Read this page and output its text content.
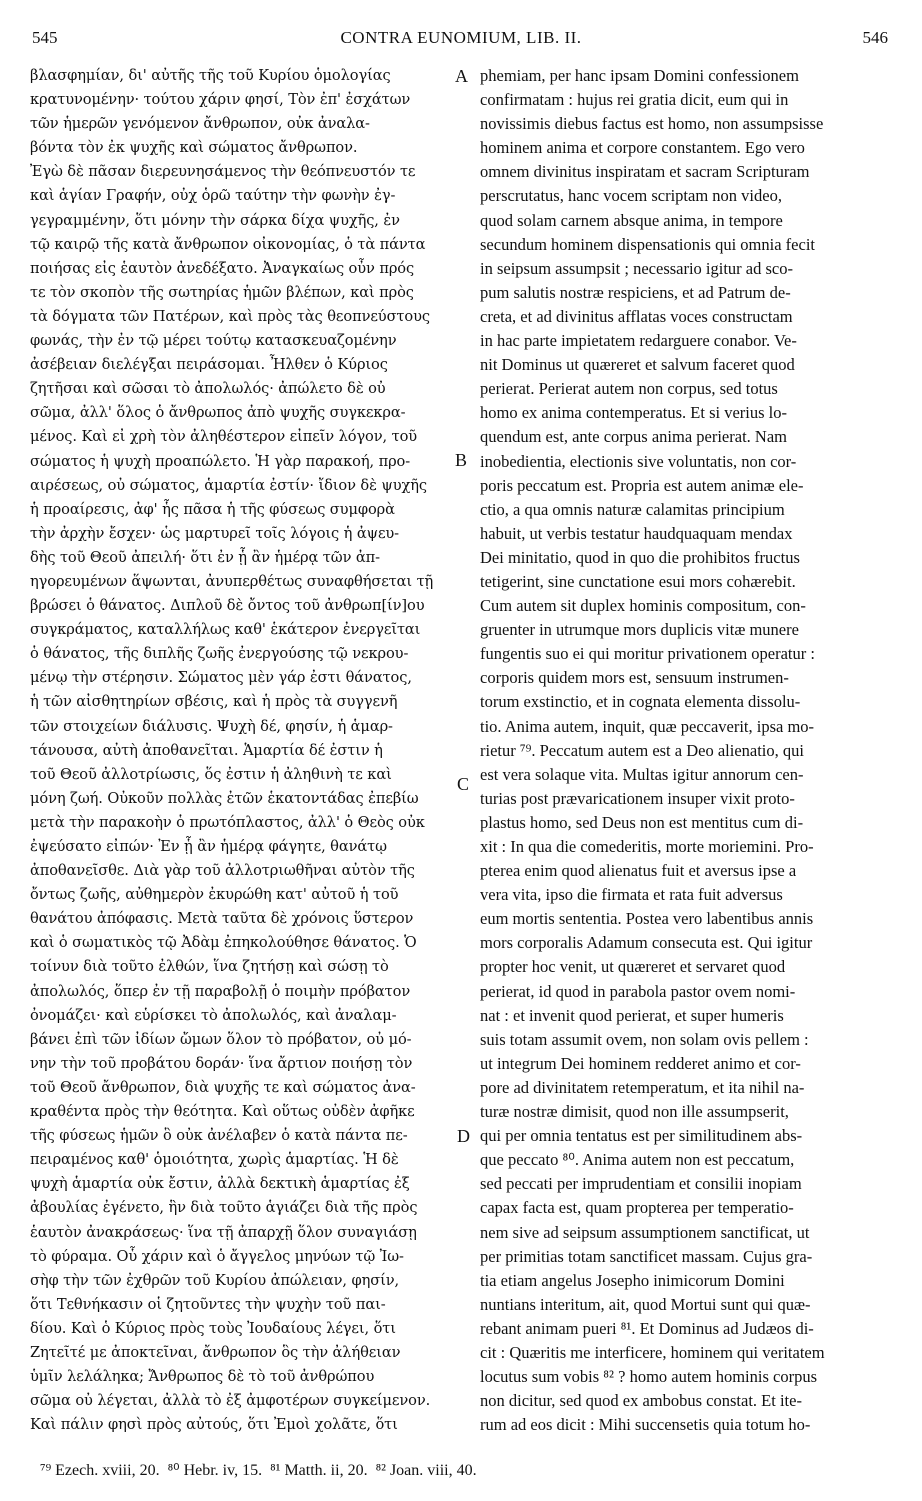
545	CONTRA EUNOMIUM, LIB. II.	546
βλασφημίαν, δι' αὐτῆς τῆς τοῦ Κυρίου ὁμολογίας
κρατυνομένην· τούτου χάριν φησί, Τὸν ἐπ' ἐσχάτων
τῶν ἡμερῶν γενόμενον ἄνθρωπον, οὐκ ἀναλα-
βόντα τὸν ἐκ ψυχῆς καὶ σώματος ἄνθρωπον.
Ἐγὼ δὲ πᾶσαν διερευνησάμενος τὴν θεόπνευστόν τε
καὶ ἁγίαν Γραφήν, οὐχ ὁρῶ ταύτην τὴν φωνὴν ἐγ-
γεγραμμένην, ὅτι μόνην τὴν σάρκα δίχα ψυχῆς, ἐν
τῷ καιρῷ τῆς κατὰ ἄνθρωπον οἰκονομίας, ὁ τὰ πάντα
ποιήσας εἰς ἑαυτὸν ἀνεδέξατο. Ἀναγκαίως οὖν πρός
τε τὸν σκοπὸν τῆς σωτηρίας ἡμῶν βλέπων, καὶ πρὸς
τὰ δόγματα τῶν Πατέρων, καὶ πρὸς τὰς θεοπνεύστους
φωνάς, τὴν ἐν τῷ μέρει τούτῳ κατασκευαζομένην
ἀσέβειαν διελέγξαι πειράσομαι. Ἦλθεν ὁ Κύριος
ζητῆσαι καὶ σῶσαι τὸ ἀπολωλός· ἀπώλετο δὲ οὐ
σῶμα, ἀλλ' ὅλος ὁ ἄνθρωπος ἀπὸ ψυχῆς συγκεκρα-
μένος. Καὶ εἰ χρὴ τὸν ἀληθέστερον εἰπεῖν λόγον, τοῦ
σώματος ἡ ψυχὴ προαπώλετο. Ἡ γὰρ παρακοή, προ-
αιρέσεως, οὐ σώματος, ἁμαρτία ἐστίν· ἴδιον δὲ ψυχῆς
ἡ προαίρεσις, ἀφ' ἧς πᾶσα ἡ τῆς φύσεως συμφορὰ
τὴν ἀρχὴν ἔσχεν· ὡς μαρτυρεῖ τοῖς λόγοις ἡ ἀψευ-
δὴς τοῦ Θεοῦ ἀπειλή· ὅτι ἐν ᾗ ἂν ἡμέρᾳ τῶν ἀπ-
ηγορευμένων ἅψωνται, ἀνυπερθέτως συναφθήσεται τῇ
βρώσει ὁ θάνατος. Διπλοῦ δὲ ὄντος τοῦ ἀνθρωπ[ίν]ου
συγκράματος, καταλλήλως καθ' ἑκάτερον ἐνεργεῖται
ὁ θάνατος, τῆς διπλῆς ζωῆς ἐνεργούσης τῷ νεκρου-
μένῳ τὴν στέρησιν. Σώματος μὲν γάρ ἐστι θάνατος,
ἡ τῶν αἰσθητηρίων σβέσις, καὶ ἡ πρὸς τὰ συγγενῆ
τῶν στοιχείων διάλυσις. Ψυχὴ δέ, φησίν, ἡ ἁμαρ-
τάνουσα, αὐτὴ ἀποθανεῖται. Ἁμαρτία δέ ἐστιν ἡ
τοῦ Θεοῦ ἀλλοτρίωσις, ὅς ἐστιν ἡ ἀληθινὴ τε καὶ
μόνη ζωή. Οὐκοῦν πολλὰς ἐτῶν ἑκατοντάδας ἐπεβίω
μετὰ τὴν παρακοὴν ὁ πρωτόπλαστος, ἀλλ' ὁ Θεὸς οὐκ
ἐψεύσατο εἰπών· Ἐν ᾗ ἂν ἡμέρᾳ φάγητε, θανάτῳ
ἀποθανεῖσθε. Διὰ γὰρ τοῦ ἀλλοτριωθῆναι αὐτὸν τῆς
ὄντως ζωῆς, αὐθημερὸν ἐκυρώθη κατ' αὐτοῦ ἡ τοῦ
θανάτου ἀπόφασις. Μετὰ ταῦτα δὲ χρόνοις ὕστερον
καὶ ὁ σωματικὸς τῷ Ἀδὰμ ἐπηκολούθησε θάνατος. Ὁ
τοίνυν διὰ τοῦτο ἐλθών, ἵνα ζητήσῃ καὶ σώσῃ τὸ
ἀπολωλός, ὅπερ ἐν τῇ παραβολῇ ὁ ποιμὴν πρόβατον
ὀνομάζει· καὶ εὑρίσκει τὸ ἀπολωλός, καὶ ἀναλαμ-
βάνει ἐπὶ τῶν ἰδίων ὤμων ὅλον τὸ πρόβατον, οὐ μό-
νην τὴν τοῦ προβάτου δοράν· ἵνα ἄρτιον ποιήσῃ τὸν
τοῦ Θεοῦ ἄνθρωπον, διὰ ψυχῆς τε καὶ σώματος ἀνα-
κραθέντα πρὸς τὴν θεότητα. Καὶ οὕτως οὐδὲν ἀφῆκε
τῆς φύσεως ἡμῶν ὃ οὐκ ἀνέλαβεν ὁ κατὰ πάντα πε-
πειραμένος καθ' ὁμοιότητα, χωρὶς ἁμαρτίας. Ἡ δὲ
ψυχὴ ἁμαρτία οὐκ ἔστιν, ἀλλὰ δεκτικὴ ἁμαρτίας ἐξ
ἀβουλίας ἐγένετο, ἣν διὰ τοῦτο ἁγιάζει διὰ τῆς πρὸς
ἑαυτὸν ἀνακράσεως· ἵνα τῇ ἀπαρχῇ ὅλον συναγιάσῃ
τὸ φύραμα. Οὗ χάριν καὶ ὁ ἄγγελος μηνύων τῷ Ἰω-
σὴφ τὴν τῶν ἐχθρῶν τοῦ Κυρίου ἀπώλειαν, φησίν,
ὅτι Τεθνήκασιν οἱ ζητοῦντες τὴν ψυχὴν τοῦ παι-
δίου. Καὶ ὁ Κύριος πρὸς τοὺς Ἰουδαίους λέγει, ὅτι
Ζητεῖτέ με ἀποκτεῖναι, ἄνθρωπον ὃς τὴν ἀλήθειαν
ὑμῖν λελάληκα; Ἄνθρωπος δὲ τὸ τοῦ ἀνθρώπου
σῶμα οὐ λέγεται, ἀλλὰ τὸ ἐξ ἀμφοτέρων συγκείμενον.
Καὶ πάλιν φησὶ πρὸς αὐτούς, ὅτι Ἐμοὶ χολᾶτε, ὅτι
phemiam, per hanc ipsam Domini confessionem
confirmatam : hujus rei gratia dicit, eum qui in
novissimis diebus factus est homo, non assumpsisse
hominem anima et corpore constantem. Ego vero
omnem divinitus inspiratam et sacram Scripturam
perscrutatus, hanc vocem scriptam non video,
quod solam carnem absque anima, in tempore
secundum hominem dispensationis qui omnia fecit
in seipsum assumpsit ; necessario igitur ad sco-
pum salutis nostræ respiciens, et ad Patrum de-
creta, et ad divinitus afflatas voces constructam
in hac parte impietatem redarguere conabor. Ve-
nit Dominus ut quæreret et salvum faceret quod
perierat. Perierat autem non corpus, sed totus
homo ex anima contemperatus. Et si verius lo-
quendum est, ante corpus anima perierat. Nam
inobedientia, electionis sive voluntatis, non cor-
poris peccatum est. Propria est autem animæ ele-
ctio, a qua omnis naturæ calamitas principium
habuit, ut verbis testatur haudquaquam mendax
Dei minitatio, quod in quo die prohibitos fructus
tetigerint, sine cunctatione esui mors cohærebit.
Cum autem sit duplex hominis compositum, con-
gruenter in utrumque mors duplicis vitæ munere
fungentis suo ei qui moritur privationem operatur :
corporis quidem mors est, sensuum instrumen-
torum exstinctio, et in cognata elementa dissolu-
tio. Anima autem, inquit, quæ peccaverit, ipsa mo-
rietur ⁷⁹. Peccatum autem est a Deo alienatio, qui
est vera solaque vita. Multas igitur annorum cen-
turias post prævaricationem insuper vixit proto-
plastus homo, sed Deus non est mentitus cum di-
xit : In qua die comederitis, morte moriemini. Pro-
pterea enim quod alienatus fuit et aversus ipse a
vera vita, ipso die firmata et rata fuit adversus
eum mortis sententia. Postea vero labentibus annis
mors corporalis Adamum consecuta est. Qui igitur
propter hoc venit, ut quæreret et servaret quod
perierat, id quod in parabola pastor ovem nomi-
nat : et invenit quod perierat, et super humeris
suis totam assumit ovem, non solam ovis pellem :
ut integrum Dei hominem redderet animo et cor-
pore ad divinitatem retemperatum, et ita nihil na-
turæ nostræ dimisit, quod non ille assumpserit,
qui per omnia tentatus est per similitudinem abs-
que peccato ⁸⁰. Anima autem non est peccatum,
sed peccati per imprudentiam et consilii inopiam
capax facta est, quam propterea per temperatio-
nem sive ad seipsum assumptionem sanctificat, ut
per primitias totam sanctificet massam. Cujus gra-
tia etiam angelus Josepho inimicorum Domini
nuntians interitum, ait, quod Mortui sunt qui quæ-
rebant animam pueri ⁸¹. Et Dominus ad Judæos di-
cit : Quæritis me interficere, hominem qui veritatem
locutus sum vobis ⁸² ? homo autem hominis corpus
non dicitur, sed quod ex ambobus constat. Et ite-
rum ad eos dicit : Mihi succensetis quia totum ho-
A
B
C
D
⁷⁹ Ezech. xviii, 20. ⁸⁰ Hebr. iv, 15. ⁸¹ Matth. ii, 20. ⁸² Joan. viii, 40.
